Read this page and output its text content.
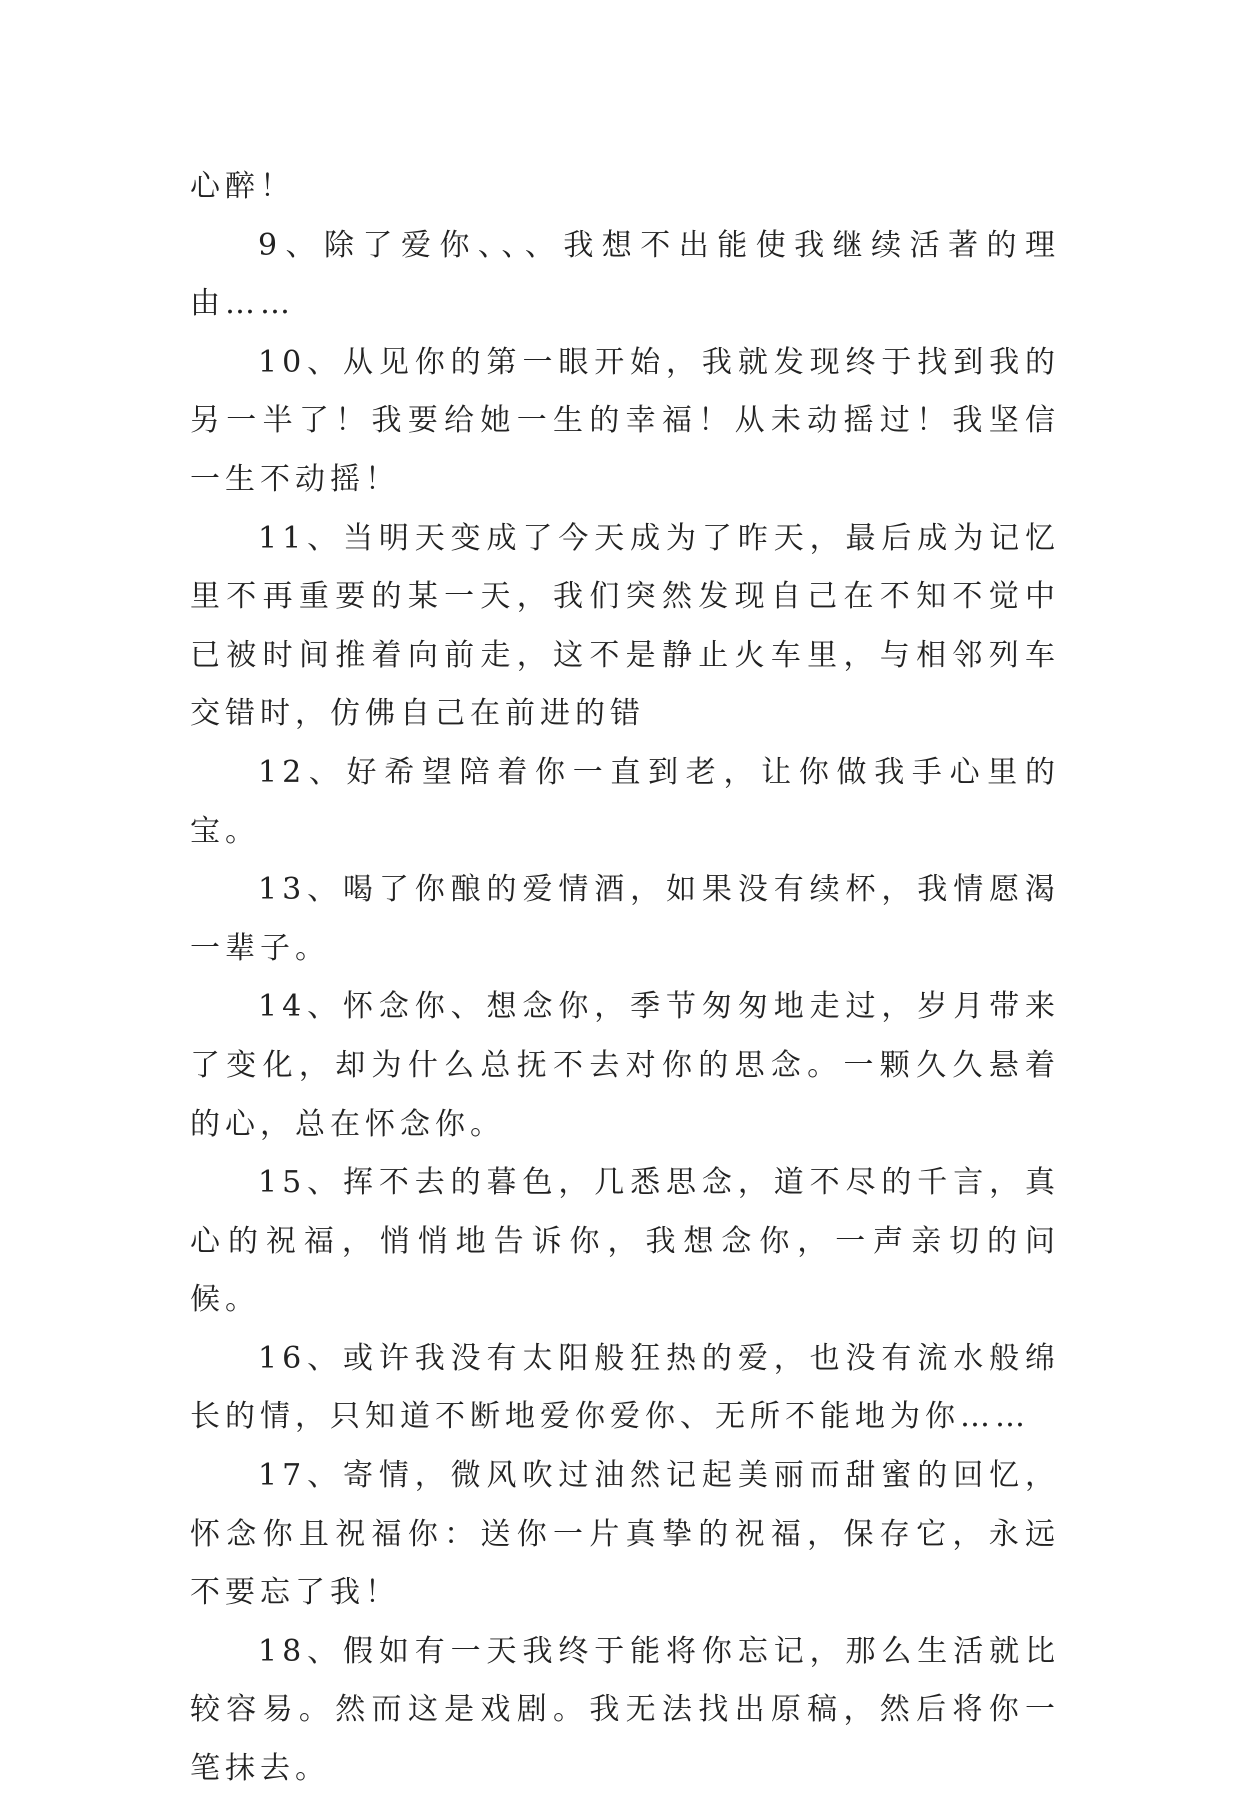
心醉！

9、除了爱你、、、我想不出能使我继续活著的理由……

10、从见你的第一眼开始，我就发现终于找到我的另一半了！我要给她一生的幸福！从未动摇过！我坚信一生不动摇！

11、当明天变成了今天成为了昨天，最后成为记忆里不再重要的某一天，我们突然发现自己在不知不觉中已被时间推着向前走，这不是静止火车里，与相邻列车交错时，仿佛自己在前进的错

12、好希望陪着你一直到老，让你做我手心里的宝。

13、喝了你酿的爱情酒，如果没有续杯，我情愿渴一辈子。

14、怀念你、想念你，季节匆匆地走过，岁月带来了变化，却为什么总抚不去对你的思念。一颗久久悬着的心，总在怀念你。

15、挥不去的暮色，几悉思念，道不尽的千言，真心的祝福，悄悄地告诉你，我想念你，一声亲切的问候。

16、或许我没有太阳般狂热的爱，也没有流水般绵长的情，只知道不断地爱你爱你、无所不能地为你……

17、寄情，微风吹过油然记起美丽而甜蜜的回忆，怀念你且祝福你：送你一片真挚的祝福，保存它，永远不要忘了我！

18、假如有一天我终于能将你忘记，那么生活就比较容易。然而这是戏剧。我无法找出原稿，然后将你一笔抹去。
